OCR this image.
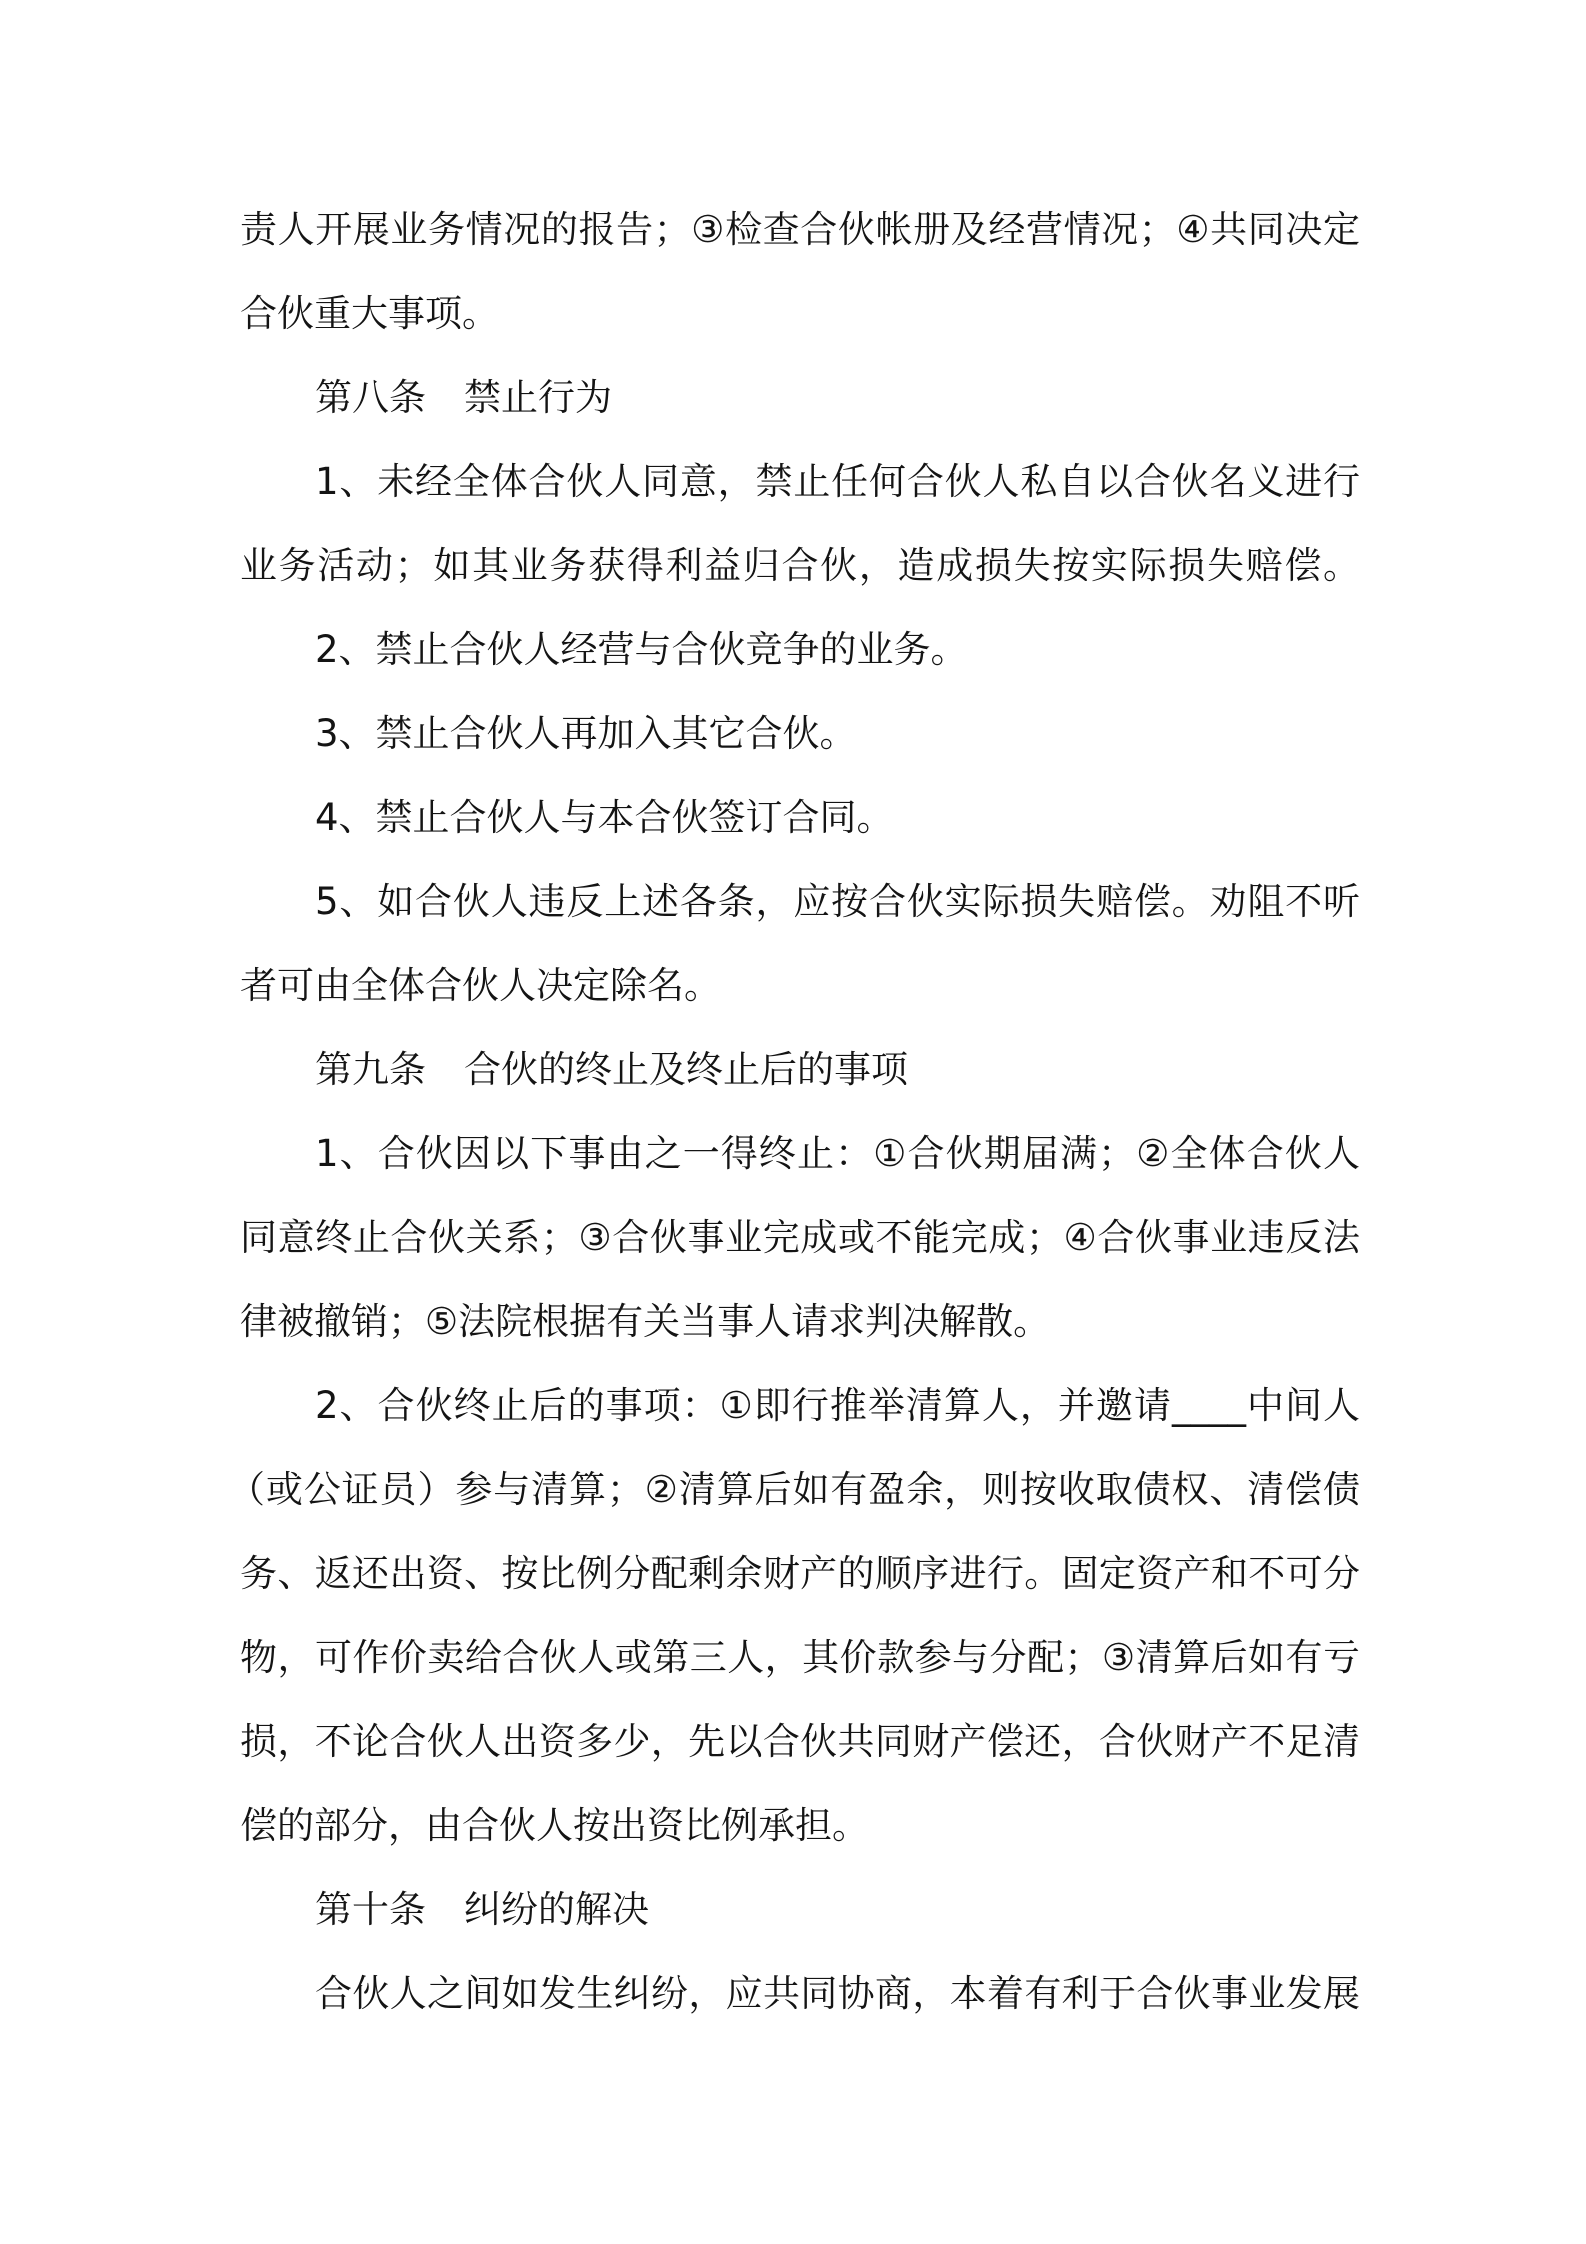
责人开展业务情况的报告；③检查合伙帐册及经营情况；④共同决定
合伙重大事项。
第八条 禁止行为
1、未经全体合伙人同意，禁止任何合伙人私自以合伙名义进行
业务活动；如其业务获得利益归合伙，造成损失按实际损失赔偿。
2、禁止合伙人经营与合伙竞争的业务。
3、禁止合伙人再加入其它合伙。
4、禁止合伙人与本合伙签订合同。
5、如合伙人违反上述各条，应按合伙实际损失赔偿。劝阻不听
者可由全体合伙人决定除名。
第九条 合伙的终止及终止后的事项
1、合伙因以下事由之一得终止：①合伙期届满；②全体合伙人
同意终止合伙关系；③合伙事业完成或不能完成；④合伙事业违反法
律被撤销；⑤法院根据有关当事人请求判决解散。
2、合伙终止后的事项：①即行推举清算人，并邀请____中间人
（或公证员）参与清算；②清算后如有盈余，则按收取债权、清偿债
务、返还出资、按比例分配剩余财产的顺序进行。固定资产和不可分
物，可作价卖给合伙人或第三人，其价款参与分配；③清算后如有亏
损，不论合伙人出资多少，先以合伙共同财产偿还，合伙财产不足清
偿的部分，由合伙人按出资比例承担。
第十条 纠纷的解决
合伙人之间如发生纠纷，应共同协商，本着有利于合伙事业发展
